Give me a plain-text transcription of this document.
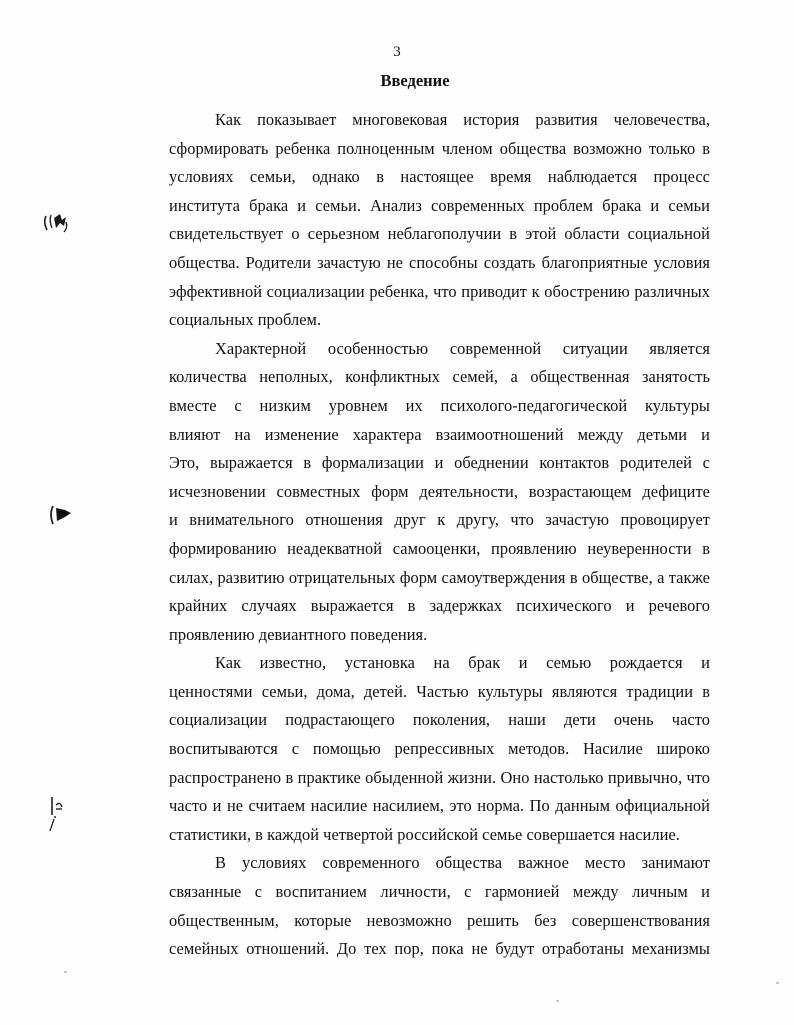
3
Введение
Как показывает многовековая история развития человечества,
сформировать ребенка полноценным членом общества возможно только в
условиях семьи, однако в настоящее время наблюдается процесс
института брака и семьи. Анализ современных проблем брака и семьи
свидетельствует о серьезном неблагополучии в этой области социальной
общества. Родители зачастую не способны создать благоприятные условия
эффективной социализации ребенка, что приводит к обострению различных
социальных проблем.
Характерной особенностью современной ситуации является
количества неполных, конфликтных семей, а общественная занятость
вместе с низким уровнем их психолого-педагогической культуры
влияют на изменение характера взаимоотношений между детьми и
Это, выражается в формализации и обеднении контактов родителей с
исчезновении совместных форм деятельности, возрастающем дефиците
и внимательного отношения друг к другу, что зачастую провоцирует
формированию неадекватной самооценки, проявлению неуверенности в
силах, развитию отрицательных форм самоутверждения в обществе, а также
крайних случаях выражается в задержках психического и речевого
проявлению девиантного поведения.
Как известно, установка на брак и семью рождается и
ценностями семьи, дома, детей. Частью культуры являются традиции в
социализации подрастающего поколения, наши дети очень часто
воспитываются с помощью репрессивных методов. Насилие широко
распространено в практике обыденной жизни. Оно настолько привычно, что
часто и не считаем насилие насилием, это норма. По данным официальной
статистики, в каждой четвертой российской семье совершается насилие.
В условиях современного общества важное место занимают
связанные с воспитанием личности, с гармонией между личным и
общественным, которые невозможно решить без совершенствования
семейных отношений. До тех пор, пока не будут отработаны механизмы
